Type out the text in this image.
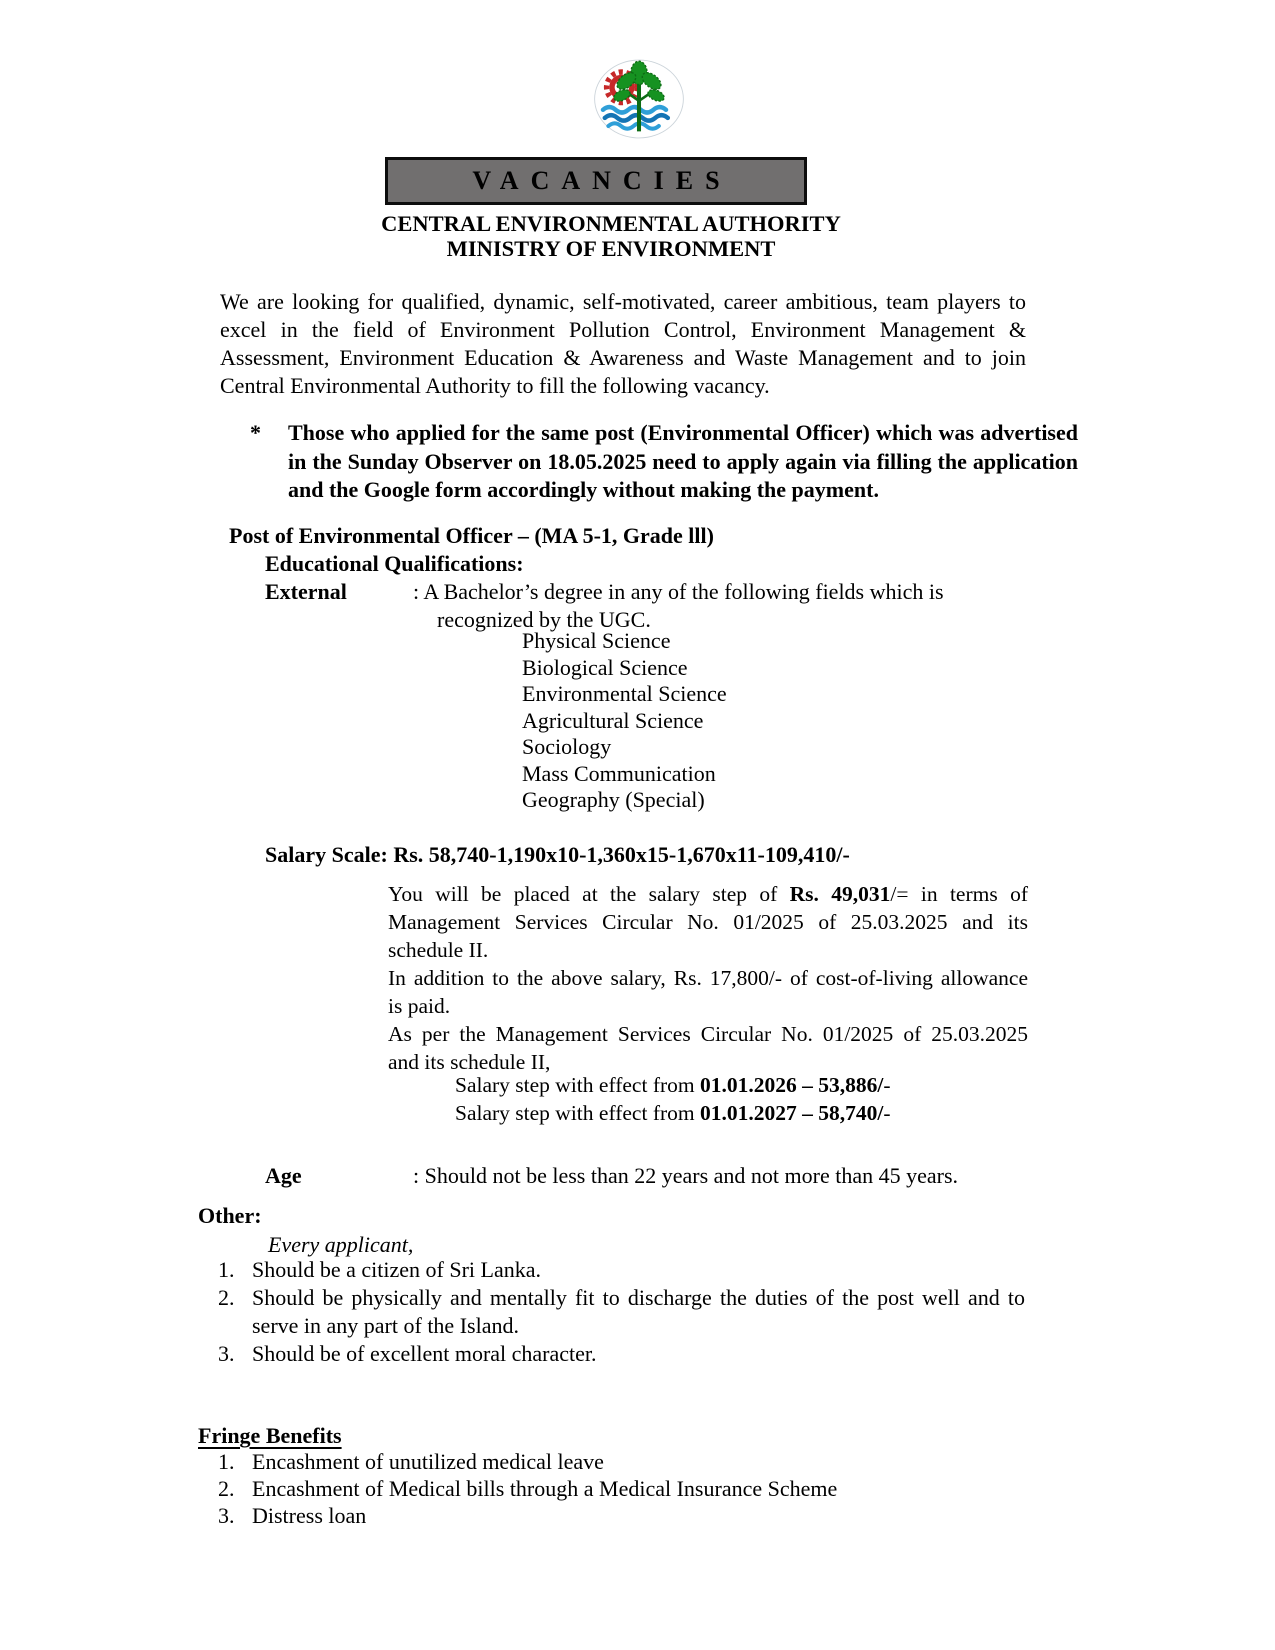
VACANCIES
CENTRAL ENVIRONMENTAL AUTHORITY
MINISTRY OF ENVIRONMENT
We are looking for qualified, dynamic, self-motivated, career ambitious, team players to
excel in the field of Environment Pollution Control, Environment Management &
Assessment, Environment Education & Awareness and Waste Management and to join
Central Environmental Authority to fill the following vacancy.
*	Those who applied for the same post (Environmental Officer) which was advertised
in the Sunday Observer on 18.05.2025 need to apply again via filling the application
and the Google form accordingly without making the payment.
Post of Environmental Officer – (MA 5-1, Grade lll)
Educational Qualifications:
External	: A Bachelor’s degree in any of the following fields which is
recognized by the UGC.
Physical Science
Biological Science
Environmental Science
Agricultural Science
Sociology
Mass Communication
Geography (Special)
Salary Scale: Rs. 58,740-1,190x10-1,360x15-1,670x11-109,410/-
You will be placed at the salary step of Rs. 49,031/= in terms of
Management Services Circular No. 01/2025 of 25.03.2025 and its
schedule II.
In addition to the above salary, Rs. 17,800/- of cost-of-living allowance
is paid.
As per the Management Services Circular No. 01/2025 of 25.03.2025
and its schedule II,
Salary step with effect from 01.01.2026 – 53,886/-
Salary step with effect from 01.01.2027 – 58,740/-
Age	: Should not be less than 22 years and not more than 45 years.
Other:
Every applicant,
1. Should be a citizen of Sri Lanka.
2. Should be physically and mentally fit to discharge the duties of the post well and to
serve in any part of the Island.
3. Should be of excellent moral character.
Fringe Benefits
1. Encashment of unutilized medical leave
2. Encashment of Medical bills through a Medical Insurance Scheme
3. Distress loan
